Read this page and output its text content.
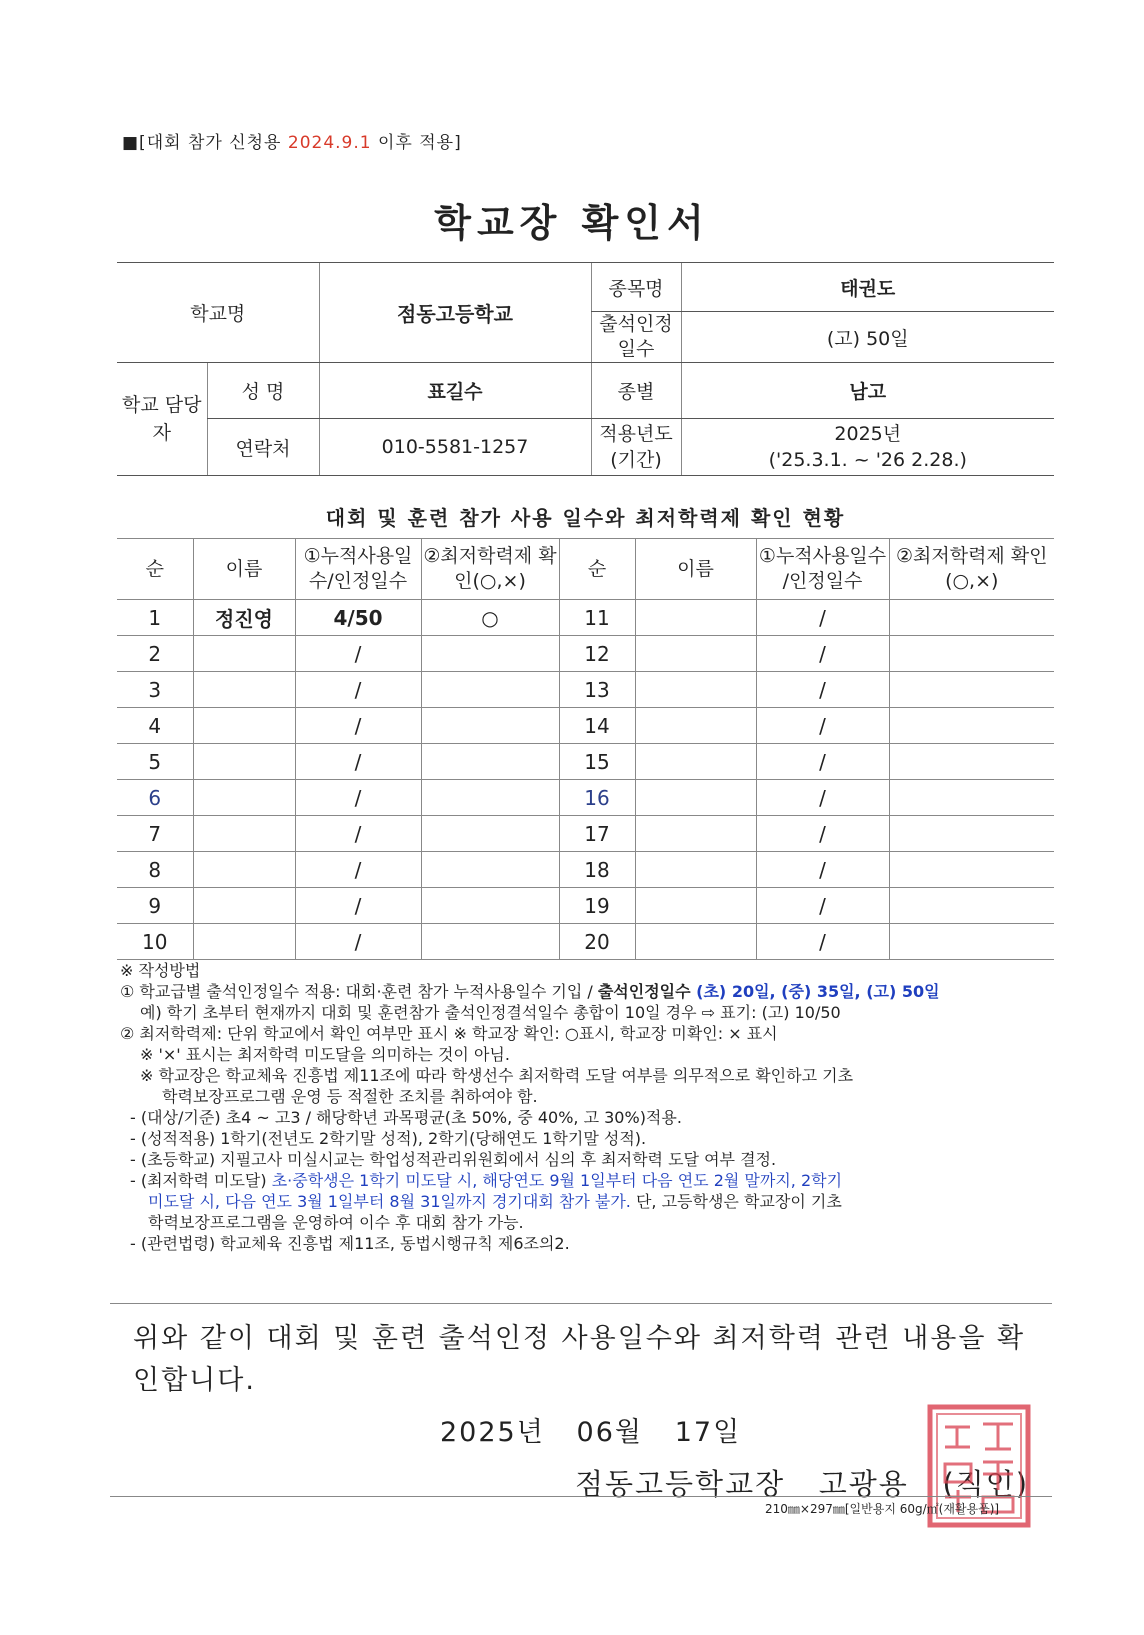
■[대회 참가 신청용 2024.9.1 이후 적용]
학교장 확인서
학교명		점동고등학교	종목명	태권도
			출석인정 일수	(고) 50일
학교 담당자	성 명	표길수	종별	남고
	연락처	010-5581-1257	적용년도 (기간)	2025년
('25.3.1. ~ '26 2.28.)
대회 및 훈련 참가 사용 일수와 최저학력제 확인 현황
순	이름	①누적사용일수/인정일수	②최저학력제 확인(○,×)	순	이름	①누적사용일수 /인정일수	②최저학력제 확인(○,×)
1	정진영	4/50	○	11		/	
2		/		12		/	
3		/		13		/	
4		/		14		/	
5		/		15		/	
6		/		16		/	
7		/		17		/	
8		/		18		/	
9		/		19		/	
10		/		20		/	
※ 작성방법
① 학교급별 출석인정일수 적용: 대회·훈련 참가 누적사용일수 기입 / 출석인정일수 (초) 20일, (중) 35일, (고) 50일
예) 학기 초부터 현재까지 대회 및 훈련참가 출석인정결석일수 총합이 10일 경우 ⇨ 표기: (고) 10/50
② 최저학력제: 단위 학교에서 확인 여부만 표시 ※ 학교장 확인: ○표시, 학교장 미확인: × 표시
※ '×' 표시는 최저학력 미도달을 의미하는 것이 아님.
※ 학교장은 학교체육 진흥법 제11조에 따라 학생선수 최저학력 도달 여부를 의무적으로 확인하고 기초
학력보장프로그램 운영 등 적절한 조치를 취하여야 함.
- (대상/기준) 초4 ~ 고3 / 해당학년 과목평균(초 50%, 중 40%, 고 30%)적용.
- (성적적용) 1학기(전년도 2학기말 성적), 2학기(당해연도 1학기말 성적).
- (초등학교) 지필고사 미실시교는 학업성적관리위원회에서 심의 후 최저학력 도달 여부 결정.
- (최저학력 미도달) 초·중학생은 1학기 미도달 시, 해당연도 9월 1일부터 다음 연도 2월 말까지, 2학기
미도달 시, 다음 연도 3월 1일부터 8월 31일까지 경기대회 참가 불가. 단, 고등학생은 학교장이 기초
학력보장프로그램을 운영하여 이수 후 대회 참가 가능.
- (관련법령) 학교체육 진흥법 제11조, 동법시행규칙 제6조의2.
위와 같이 대회 및 훈련 출석인정 사용일수와 최저학력 관련 내용을 확인합니다.
2025년   06월   17일
점동고등학교장   고광용   (직인)
210㎜×297㎜[일반용지 60g/㎡(재활용품)]
